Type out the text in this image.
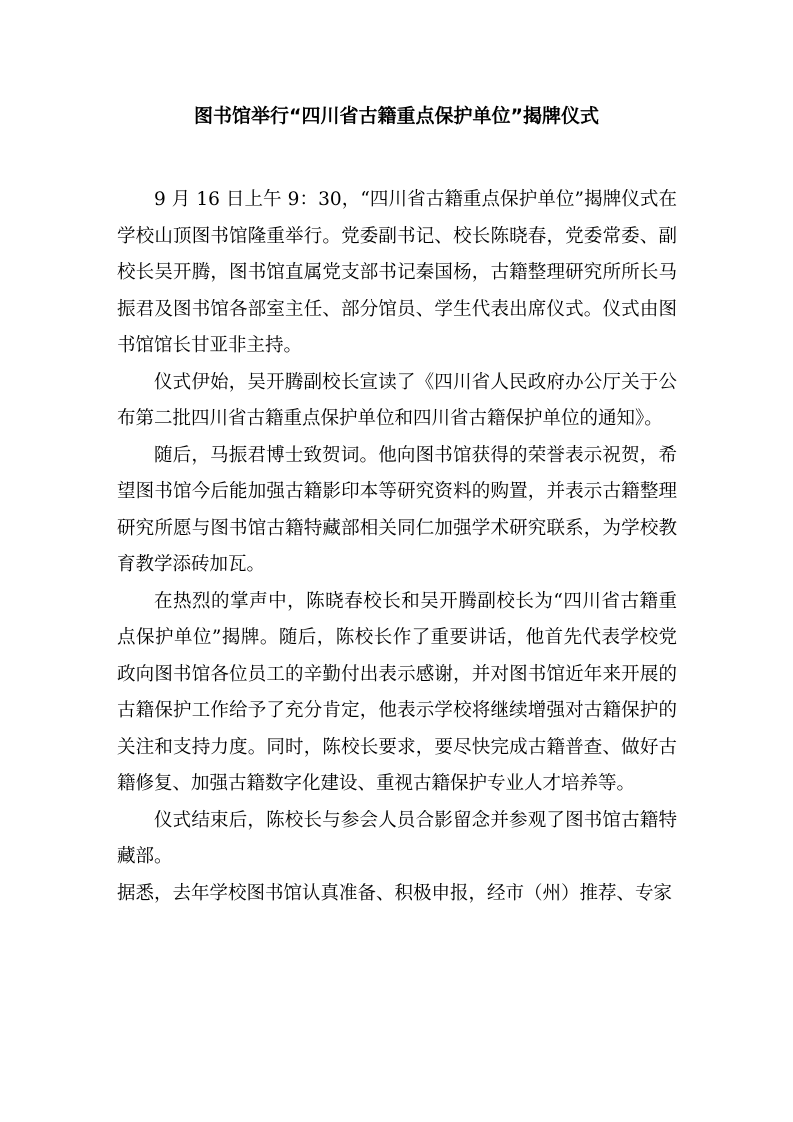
图书馆举行“四川省古籍重点保护单位”揭牌仪式

9 月 16 日上午 9：30，“四川省古籍重点保护单位”揭牌仪式在学校山顶图书馆隆重举行。党委副书记、校长陈晓春，党委常委、副校长吴开腾，图书馆直属党支部书记秦国杨，古籍整理研究所所长马振君及图书馆各部室主任、部分馆员、学生代表出席仪式。仪式由图书馆馆长甘亚非主持。

仪式伊始，吴开腾副校长宣读了《四川省人民政府办公厅关于公布第二批四川省古籍重点保护单位和四川省古籍保护单位的通知》。

随后，马振君博士致贺词。他向图书馆获得的荣誉表示祝贺，希望图书馆今后能加强古籍影印本等研究资料的购置，并表示古籍整理研究所愿与图书馆古籍特藏部相关同仁加强学术研究联系，为学校教育教学添砖加瓦。

在热烈的掌声中，陈晓春校长和吴开腾副校长为“四川省古籍重点保护单位”揭牌。随后，陈校长作了重要讲话，他首先代表学校党政向图书馆各位员工的辛勤付出表示感谢，并对图书馆近年来开展的古籍保护工作给予了充分肯定，他表示学校将继续增强对古籍保护的关注和支持力度。同时，陈校长要求，要尽快完成古籍普查、做好古籍修复、加强古籍数字化建设、重视古籍保护专业人才培养等。

仪式结束后，陈校长与参会人员合影留念并参观了图书馆古籍特藏部。

据悉，去年学校图书馆认真准备、积极申报，经市（州）推荐、专家
